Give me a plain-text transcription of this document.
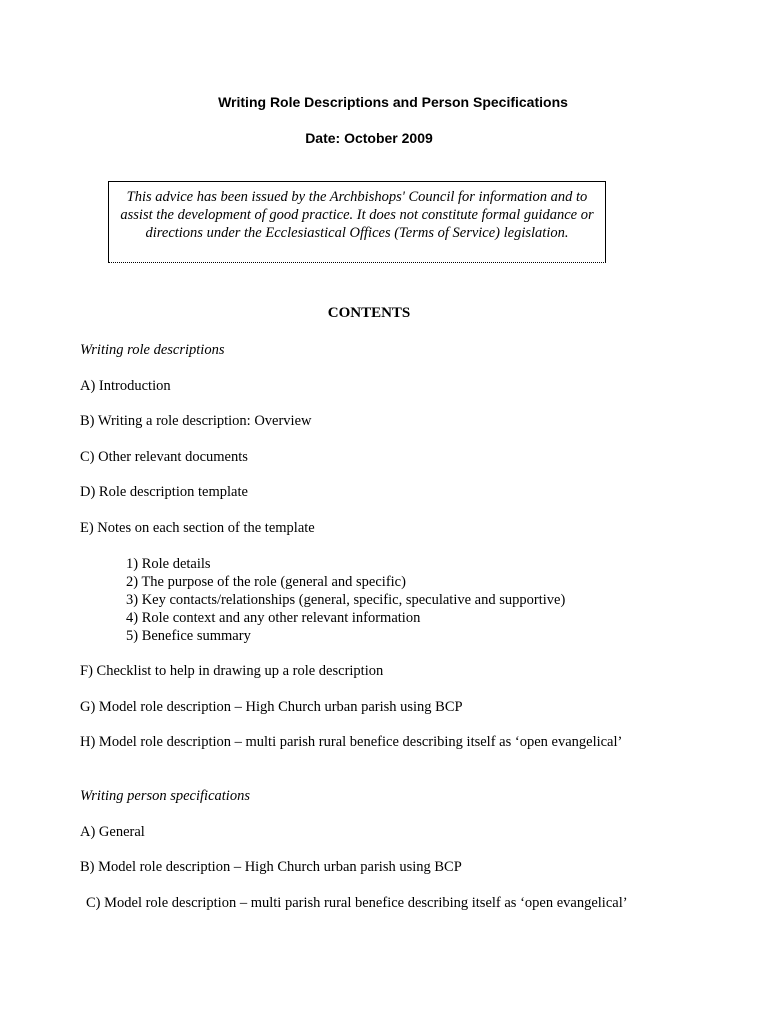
Writing Role Descriptions and Person Specifications
Date: October 2009
This advice has been issued by the Archbishops' Council for information and to assist the development of good practice. It does not constitute formal guidance or directions under the Ecclesiastical Offices (Terms of Service) legislation.
CONTENTS
Writing role descriptions
A) Introduction
B) Writing a role description: Overview
C) Other relevant documents
D) Role description template
E) Notes on each section of the template
1) Role details
2) The purpose of the role (general and specific)
3) Key contacts/relationships (general, specific, speculative and supportive)
4) Role context and any other relevant information
5) Benefice summary
F) Checklist to help in drawing up a role description
G) Model role description – High Church urban parish using BCP
H) Model role description – multi parish rural benefice describing itself as ‘open evangelical’
Writing person specifications
A) General
B) Model role description – High Church urban parish using BCP
C) Model role description – multi parish rural benefice describing itself as ‘open evangelical’
